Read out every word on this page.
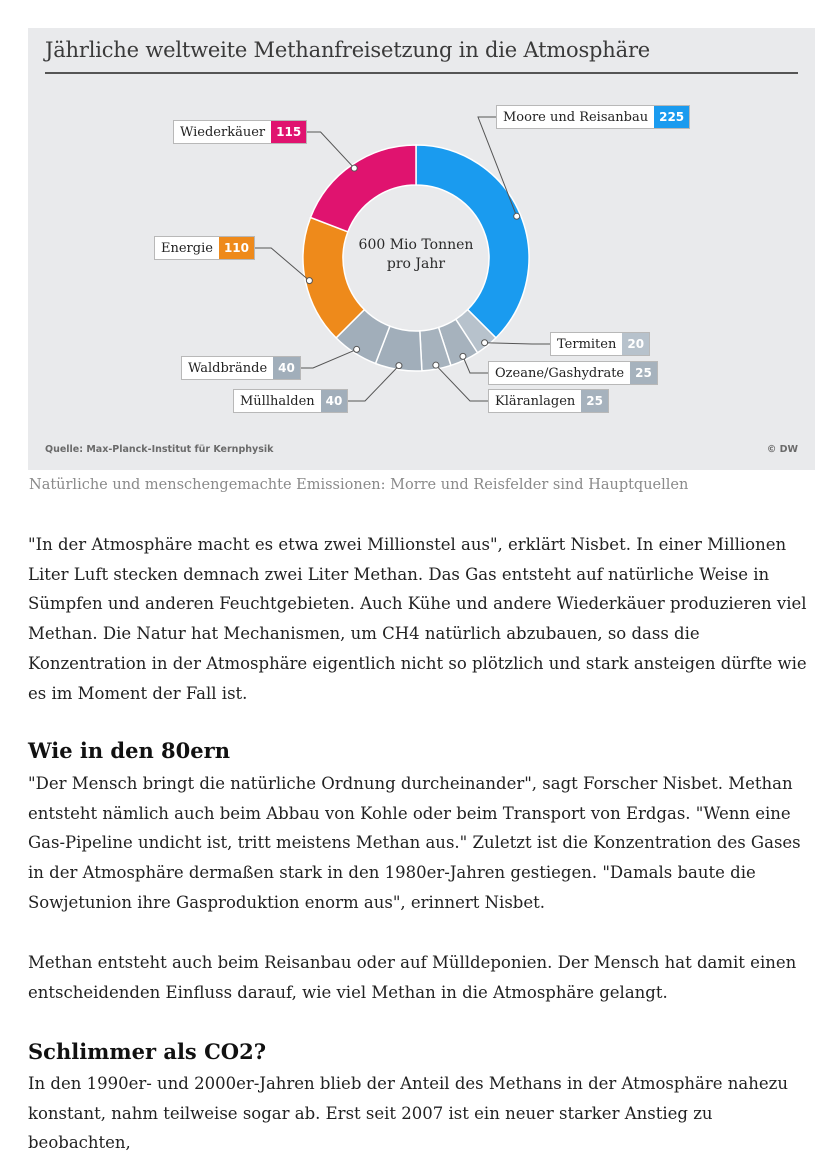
Jährliche weltweite Methanfreisetzung in die Atmosphäre
600 Mio Tonnen
pro Jahr
Moore und Reisanbau 225
Termiten 20
Ozeane/Gashydrate 25
Kläranlagen 25
Müllhalden 40
Waldbrände 40
Energie 110
Wiederkäuer 115
Quelle: Max-Planck-Institut für Kernphysik	© DW
Natürliche und menschengemachte Emissionen: Morre und Reisfelder sind Hauptquellen

"In der Atmosphäre macht es etwa zwei Millionstel aus", erklärt Nisbet. In einer Millionen Liter Luft stecken demnach zwei Liter Methan. Das Gas entsteht auf natürliche Weise in Sümpfen und anderen Feuchtgebieten. Auch Kühe und andere Wiederkäuer produzieren viel Methan. Die Natur hat Mechanismen, um CH4 natürlich abzubauen, so dass die Konzentration in der Atmosphäre eigentlich nicht so plötzlich und stark ansteigen dürfte wie es im Moment der Fall ist.

Wie in den 80ern

"Der Mensch bringt die natürliche Ordnung durcheinander", sagt Forscher Nisbet. Methan entsteht nämlich auch beim Abbau von Kohle oder beim Transport von Erdgas. "Wenn eine Gas-Pipeline undicht ist, tritt meistens Methan aus." Zuletzt ist die Konzentration des Gases in der Atmosphäre dermaßen stark in den 1980er-Jahren gestiegen. "Damals baute die Sowjetunion ihre Gasproduktion enorm aus", erinnert Nisbet.

Methan entsteht auch beim Reisanbau oder auf Mülldeponien. Der Mensch hat damit einen entscheidenden Einfluss darauf, wie viel Methan in die Atmosphäre gelangt.

Schlimmer als CO2?

In den 1990er- und 2000er-Jahren blieb der Anteil des Methans in der Atmosphäre nahezu konstant, nahm teilweise sogar ab. Erst seit 2007 ist ein neuer starker Anstieg zu beobachten,
